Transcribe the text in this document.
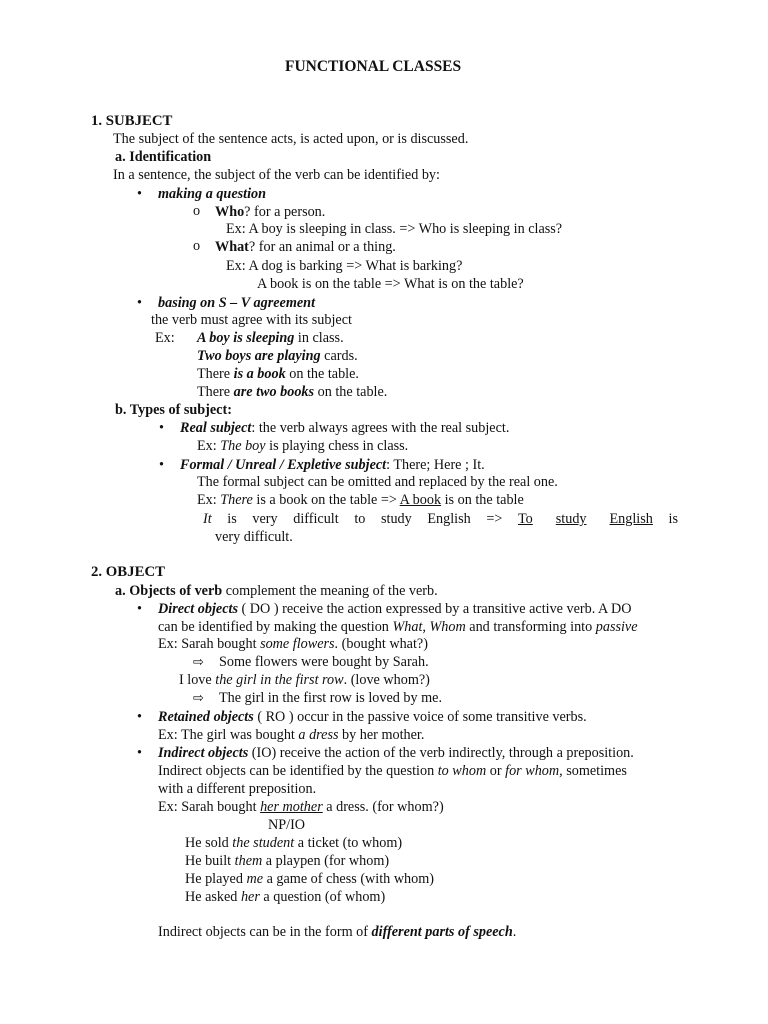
FUNCTIONAL CLASSES
1. SUBJECT
The subject of the sentence acts, is acted upon, or is discussed.
a. Identification
In a sentence, the subject of the verb can be identified by:
• making a question
o Who? for a person.
Ex: A boy is sleeping in class. => Who is sleeping in class?
o What? for an animal or a thing.
Ex: A dog is barking => What is barking?
A book is on the table => What is on the table?
• basing on S – V agreement
the verb must agree with its subject
Ex: A boy is sleeping in class.
Two boys are playing cards.
There is a book on the table.
There are two books on the table.
b. Types of subject:
• Real subject: the verb always agrees with the real subject.
Ex: The boy is playing chess in class.
• Formal / Unreal / Expletive subject: There; Here ; It.
The formal subject can be omitted and replaced by the real one.
Ex: There is a book on the table => A book is on the table
It is very difficult to study English => To study English is
very difficult.
2. OBJECT
a. Objects of verb complement the meaning of the verb.
• Direct objects ( DO ) receive the action expressed by a transitive active verb. A DO
can be identified by making the question What, Whom and transforming into passive
Ex: Sarah bought some flowers. (bought what?)
⇨ Some flowers were bought by Sarah.
I love the girl in the first row. (love whom?)
⇨ The girl in the first row is loved by me.
• Retained objects ( RO ) occur in the passive voice of some transitive verbs.
Ex: The girl was bought a dress by her mother.
• Indirect objects (IO) receive the action of the verb indirectly, through a preposition.
Indirect objects can be identified by the question to whom or for whom, sometimes
with a different preposition.
Ex: Sarah bought her mother a dress. (for whom?)
NP/IO
He sold the student a ticket (to whom)
He built them a playpen (for whom)
He played me a game of chess (with whom)
He asked her a question (of whom)
Indirect objects can be in the form of different parts of speech.
